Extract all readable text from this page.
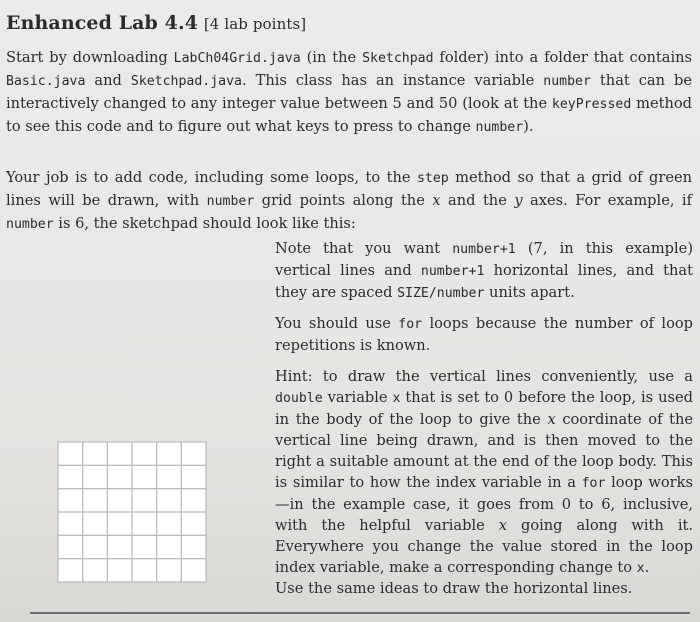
Enhanced Lab 4.4 [4 lab points]
Start by downloading LabCh04Grid.java (in the Sketchpad folder) into a folder that contains Basic.java and Sketchpad.java. This class has an instance variable number that can be interactively changed to any integer value between 5 and 50 (look at the keyPressed method to see this code and to figure out what keys to press to change number).
Your job is to add code, including some loops, to the step method so that a grid of green lines will be drawn, with number grid points along the x and the y axes. For example, if number is 6, the sketchpad should look like this:
Note that you want number+1 (7, in this example) vertical lines and number+1 horizontal lines, and that they are spaced SIZE/number units apart.
You should use for loops because the number of loop repetitions is known.
Hint: to draw the vertical lines conveniently, use a double variable x that is set to 0 before the loop, is used in the body of the loop to give the x coordinate of the vertical line being drawn, and is then moved to the right a suitable amount at the end of the loop body. This is similar to how the index variable in a for loop works—in the example case, it goes from 0 to 6, inclusive, with the helpful variable x going along with it. Everywhere you change the value stored in the loop index variable, make a corresponding change to x.
Use the same ideas to draw the horizontal lines.
